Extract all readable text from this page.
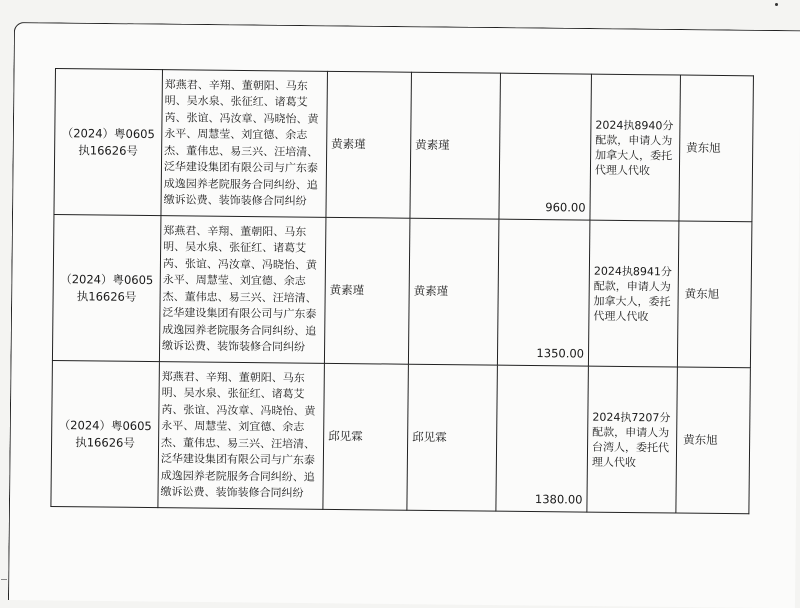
（2024）粤0605执16626号	郑燕君、辛翔、董朝阳、马东明、吴水泉、张征红、诸葛艾芮、张谊、冯汝章、冯晓怡、黄永平、周慧莹、刘宜德、余志杰、董伟忠、易三兴、汪培清、泛华建设集团有限公司与广东泰成逸园养老院服务合同纠纷、追缴诉讼费、装饰装修合同纠纷	黄素瑾	黄素瑾	960.00	2024执8940分配款，申请人为加拿大人，委托代理人代收	黄东旭
（2024）粤0605执16626号	郑燕君、辛翔、董朝阳、马东明、吴水泉、张征红、诸葛艾芮、张谊、冯汝章、冯晓怡、黄永平、周慧莹、刘宜德、余志杰、董伟忠、易三兴、汪培清、泛华建设集团有限公司与广东泰成逸园养老院服务合同纠纷、追缴诉讼费、装饰装修合同纠纷	黄素瑾	黄素瑾	1350.00	2024执8941分配款，申请人为加拿大人，委托代理人代收	黄东旭
（2024）粤0605执16626号	郑燕君、辛翔、董朝阳、马东明、吴水泉、张征红、诸葛艾芮、张谊、冯汝章、冯晓怡、黄永平、周慧莹、刘宜德、余志杰、董伟忠、易三兴、汪培清、泛华建设集团有限公司与广东泰成逸园养老院服务合同纠纷、追缴诉讼费、装饰装修合同纠纷	邱见霖	邱见霖	1380.00	2024执7207分配款，申请人为台湾人，委托代理人代收	黄东旭
